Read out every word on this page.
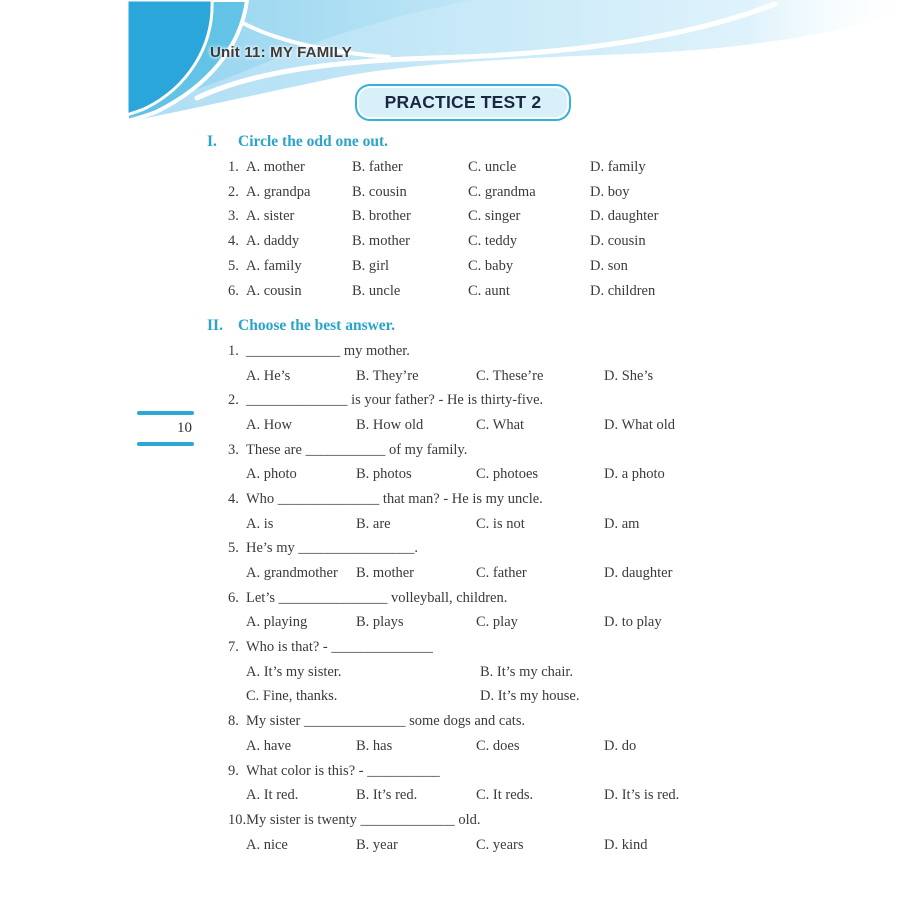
Unit 11: MY FAMILY
PRACTICE TEST 2
10
I.	Circle the odd one out.
1. A. mother	B. father	C. uncle	D. family
2. A. grandpa	B. cousin	C. grandma	D. boy
3. A. sister	B. brother	C. singer	D. daughter
4. A. daddy	B. mother	C. teddy	D. cousin
5. A. family	B. girl	C. baby	D. son
6. A. cousin	B. uncle	C. aunt	D. children
II. Choose the best answer.
1. _____________ my mother.
A. He’s	B. They’re	C. These’re	D. She’s
2. ______________ is your father? - He is thirty-five.
A. How	B. How old	C. What	D. What old
3. These are ___________ of my family.
A. photo	B. photos	C. photoes	D. a photo
4. Who ______________ that man? - He is my uncle.
A. is	B. are	C. is not	D. am
5. He’s my ________________.
A. grandmother	B. mother	C. father	D. daughter
6. Let’s _______________ volleyball, children.
A. playing	B. plays	C. play	D. to play
7. Who is that? - ______________
A. It’s my sister.	B. It’s my chair.
C. Fine, thanks.	D. It’s my house.
8. My sister ______________ some dogs and cats.
A. have	B. has	C. does	D. do
9. What color is this? - __________
A. It red.	B. It’s red.	C. It reds.	D. It’s is red.
10. My sister is twenty _____________ old.
A. nice	B. year	C. years	D. kind
